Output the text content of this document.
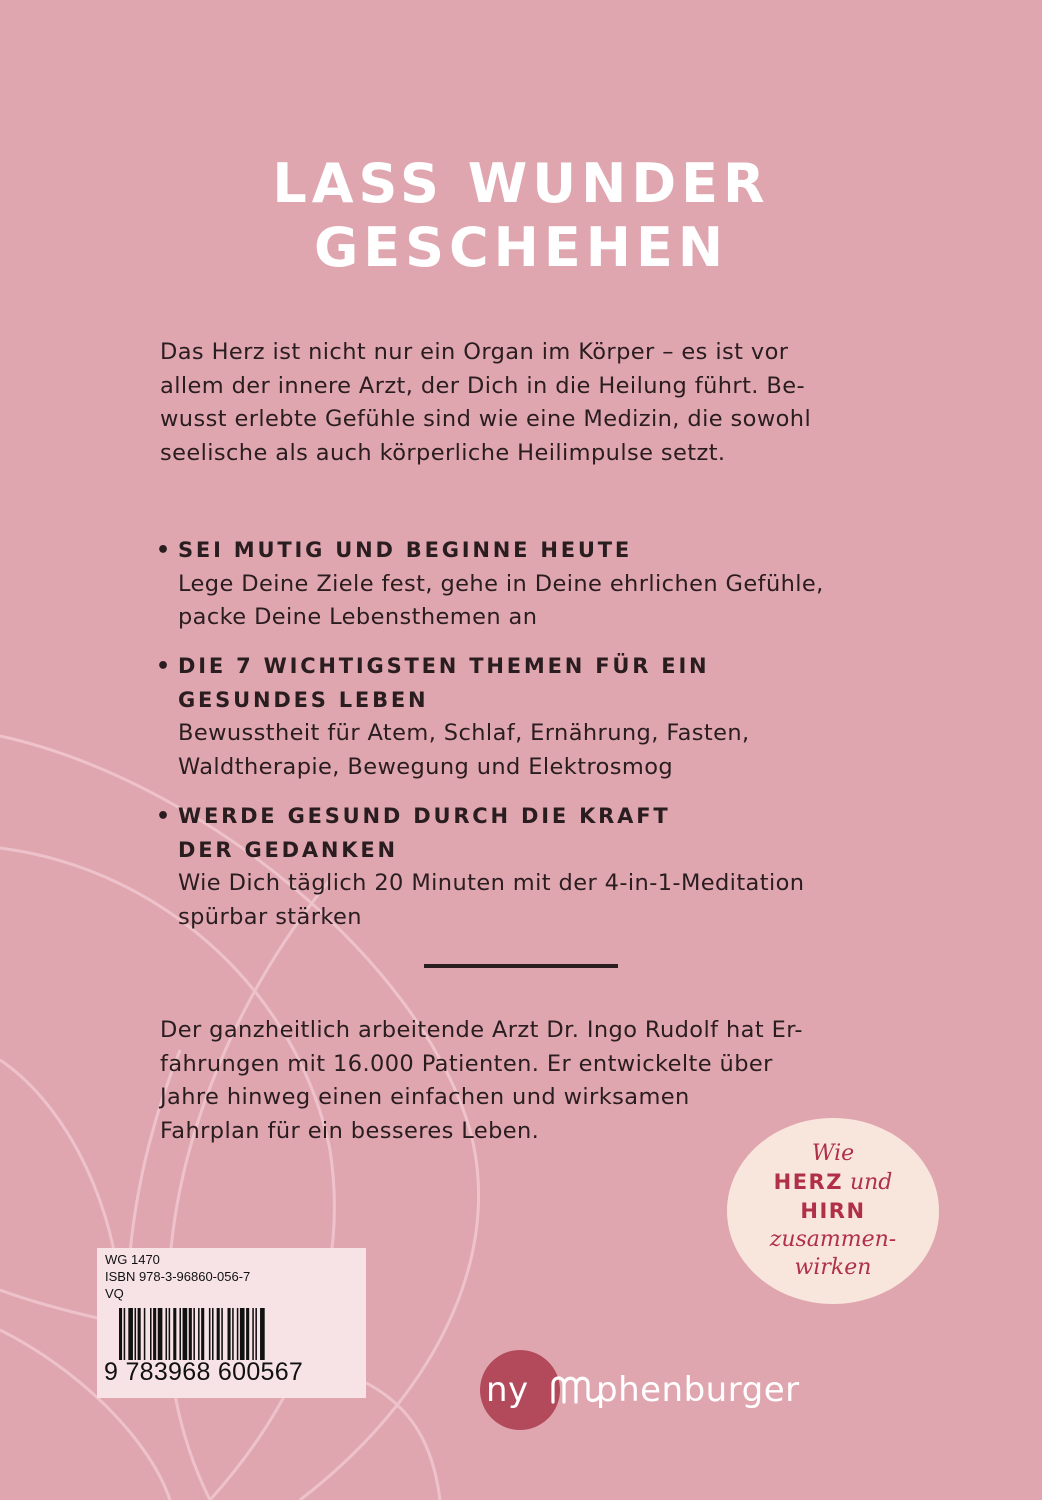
LASS WUNDER
GESCHEHEN
Das Herz ist nicht nur ein Organ im Körper – es ist vor
allem der innere Arzt, der Dich in die Heilung führt. Be-
wusst erlebte Gefühle sind wie eine Medizin, die sowohl
seelische als auch körperliche Heilimpulse setzt.
• SEI MUTIG UND BEGINNE HEUTE
Lege Deine Ziele fest, gehe in Deine ehrlichen Gefühle,
packe Deine Lebensthemen an
• DIE 7 WICHTIGSTEN THEMEN FÜR EIN
GESUNDES LEBEN
Bewusstheit für Atem, Schlaf, Ernährung, Fasten,
Waldtherapie, Bewegung und Elektrosmog
• WERDE GESUND DURCH DIE KRAFT
DER GEDANKEN
Wie Dich täglich 20 Minuten mit der 4-in-1-Meditation
spürbar stärken
Der ganzheitlich arbeitende Arzt Dr. Ingo Rudolf hat Er-
fahrungen mit 16.000 Patienten. Er entwickelte über
Jahre hinweg einen einfachen und wirksamen
Fahrplan für ein besseres Leben.
Wie
HERZ und
HIRN
zusammen-
wirken
WG 1470
ISBN 978-3-96860-056-7
VQ
9 783968 600567	ny phenburger
